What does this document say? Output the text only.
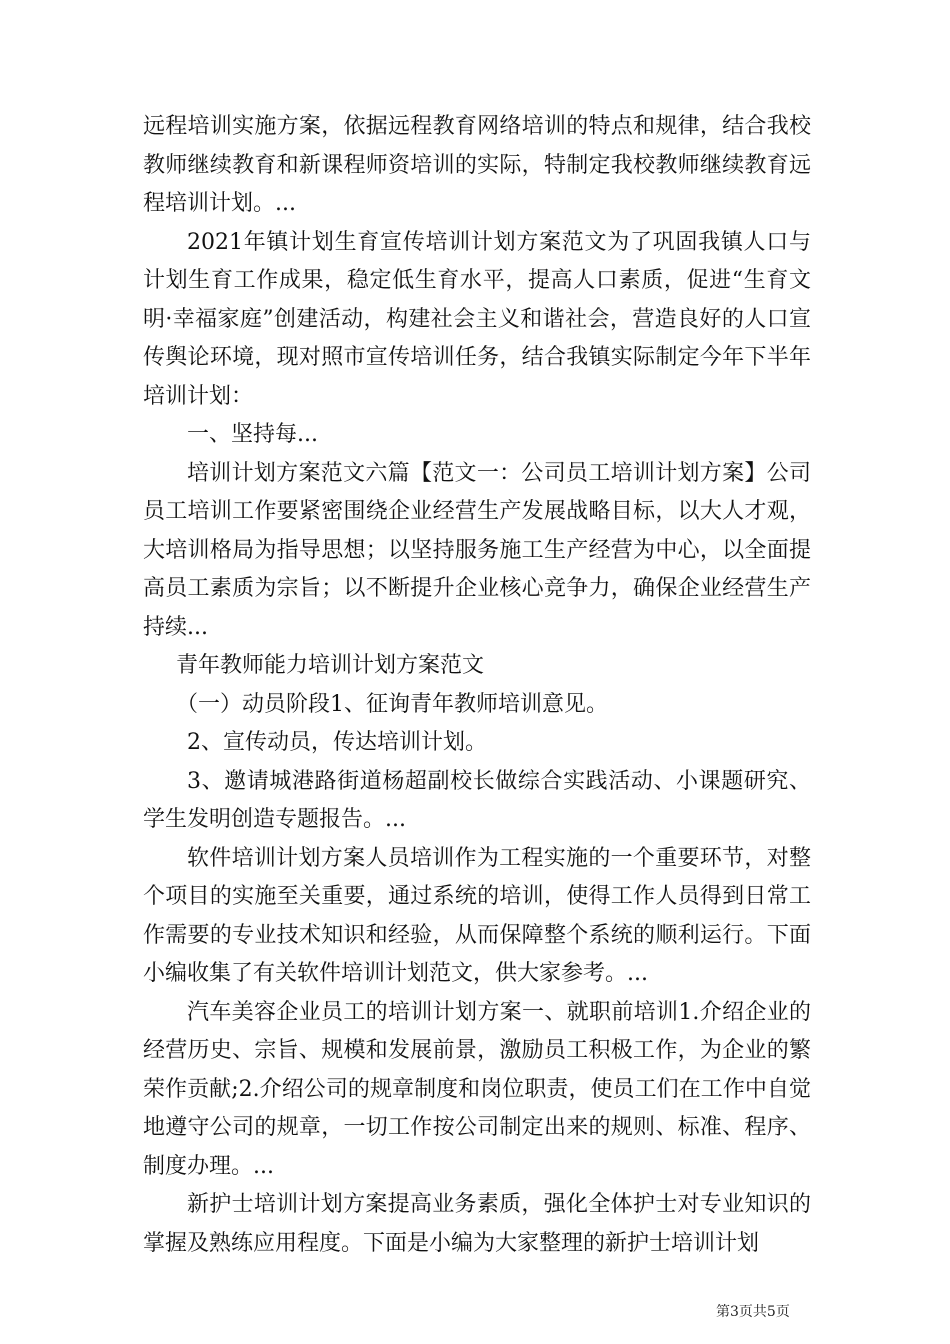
远程培训实施方案，依据远程教育网络培训的特点和规律，结合我校教师继续教育和新课程师资培训的实际，特制定我校教师继续教育远程培训计划。...

2021年镇计划生育宣传培训计划方案范文为了巩固我镇人口与计划生育工作成果，稳定低生育水平，提高人口素质，促进“生育文明·幸福家庭”创建活动，构建社会主义和谐社会，营造良好的人口宣传舆论环境，现对照市宣传培训任务，结合我镇实际制定今年下半年培训计划：

一、坚持每...

培训计划方案范文六篇【范文一：公司员工培训计划方案】公司员工培训工作要紧密围绕企业经营生产发展战略目标，以大人才观，大培训格局为指导思想；以坚持服务施工生产经营为中心，以全面提高员工素质为宗旨；以不断提升企业核心竞争力，确保企业经营生产持续...

青年教师能力培训计划方案范文

（一）动员阶段1、征询青年教师培训意见。

2、宣传动员，传达培训计划。

3、邀请城港路街道杨超副校长做综合实践活动、小课题研究、学生发明创造专题报告。...

软件培训计划方案人员培训作为工程实施的一个重要环节，对整个项目的实施至关重要，通过系统的培训，使得工作人员得到日常工作需要的专业技术知识和经验，从而保障整个系统的顺利运行。下面小编收集了有关软件培训计划范文，供大家参考。...

汽车美容企业员工的培训计划方案一、就职前培训1.介绍企业的经营历史、宗旨、规模和发展前景，激励员工积极工作，为企业的繁荣作贡献;2.介绍公司的规章制度和岗位职责，使员工们在工作中自觉地遵守公司的规章，一切工作按公司制定出来的规则、标准、程序、制度办理。...

新护士培训计划方案提高业务素质，强化全体护士对专业知识的掌握及熟练应用程度。下面是小编为大家整理的新护士培训计划

第3页共5页
